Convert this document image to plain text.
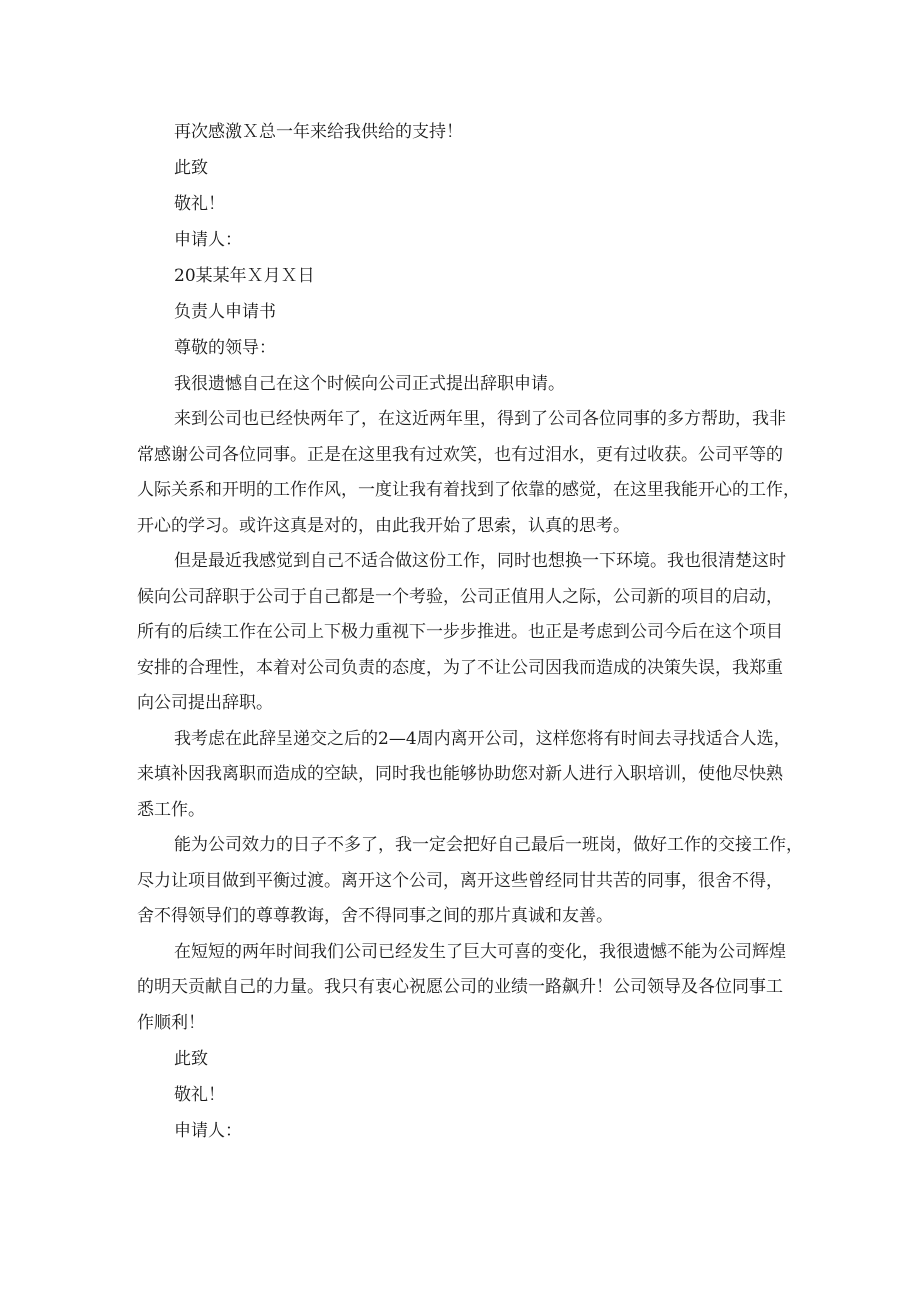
再次感激Ｘ总一年来给我供给的支持！

此致

敬礼！

申请人：

20某某年Ｘ月Ｘ日

负责人申请书

尊敬的领导：

我很遗憾自己在这个时候向公司正式提出辞职申请。

来到公司也已经快两年了，在这近两年里，得到了公司各位同事的多方帮助，我非
常感谢公司各位同事。正是在这里我有过欢笑，也有过泪水，更有过收获。公司平等的
人际关系和开明的工作作风，一度让我有着找到了依靠的感觉，在这里我能开心的工作，
开心的学习。或许这真是对的，由此我开始了思索，认真的思考。
但是最近我感觉到自己不适合做这份工作，同时也想换一下环境。我也很清楚这时
候向公司辞职于公司于自己都是一个考验，公司正值用人之际，公司新的项目的启动，
所有的后续工作在公司上下极力重视下一步步推进。也正是考虑到公司今后在这个项目
安排的合理性，本着对公司负责的态度，为了不让公司因我而造成的决策失误，我郑重
向公司提出辞职。
我考虑在此辞呈递交之后的2—4周内离开公司，这样您将有时间去寻找适合人选，
来填补因我离职而造成的空缺，同时我也能够协助您对新人进行入职培训，使他尽快熟
悉工作。
能为公司效力的日子不多了，我一定会把好自己最后一班岗，做好工作的交接工作，
尽力让项目做到平衡过渡。离开这个公司，离开这些曾经同甘共苦的同事，很舍不得，
舍不得领导们的尊尊教诲，舍不得同事之间的那片真诚和友善。
在短短的两年时间我们公司已经发生了巨大可喜的变化，我很遗憾不能为公司辉煌
的明天贡献自己的力量。我只有衷心祝愿公司的业绩一路飙升！公司领导及各位同事工
作顺利！

此致

敬礼！

申请人：
